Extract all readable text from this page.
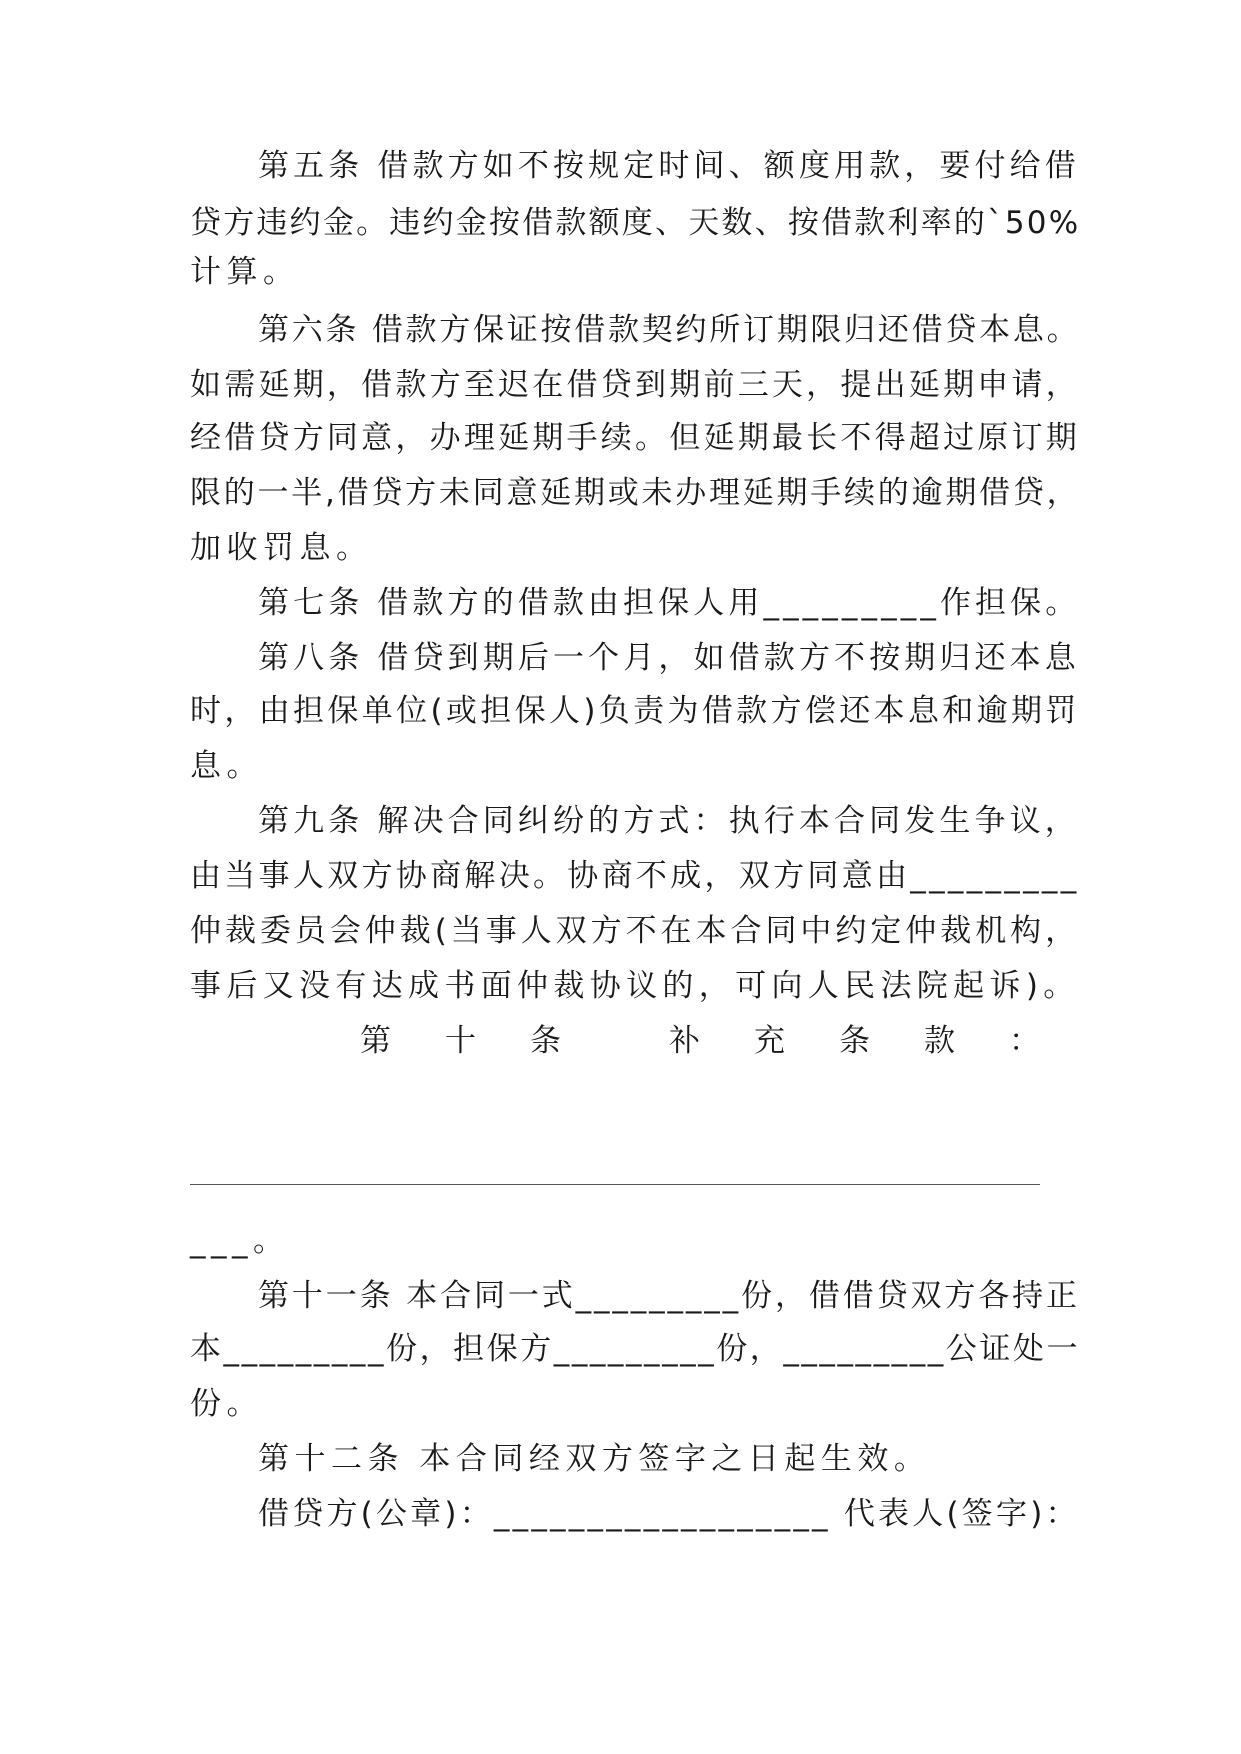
第五条 借款方如不按规定时间、额度用款，要付给借
贷方违约金。违约金按借款额度、天数、按借款利率的`50%
计算。
第六条 借款方保证按借款契约所订期限归还借贷本息。
如需延期，借款方至迟在借贷到期前三天，提出延期申请，
经借贷方同意，办理延期手续。但延期最长不得超过原订期
限的一半,借贷方未同意延期或未办理延期手续的逾期借贷，
加收罚息。
第七条 借款方的借款由担保人用_________作担保。
第八条 借贷到期后一个月，如借款方不按期归还本息
时，由担保单位(或担保人)负责为借款方偿还本息和逾期罚
息。
第九条 解决合同纠纷的方式：执行本合同发生争议，
由当事人双方协商解决。协商不成，双方同意由_________
仲裁委员会仲裁(当事人双方不在本合同中约定仲裁机构，
事后又没有达成书面仲裁协议的，可向人民法院起诉)。
第 十 条	补 充 条 款 ：
___。
第十一条 本合同一式_________份，借借贷双方各持正
本_________份，担保方_________份，_________公证处一
份。
第十二条 本合同经双方签字之日起生效。
借贷方(公章)：__________________ 代表人(签字)：
